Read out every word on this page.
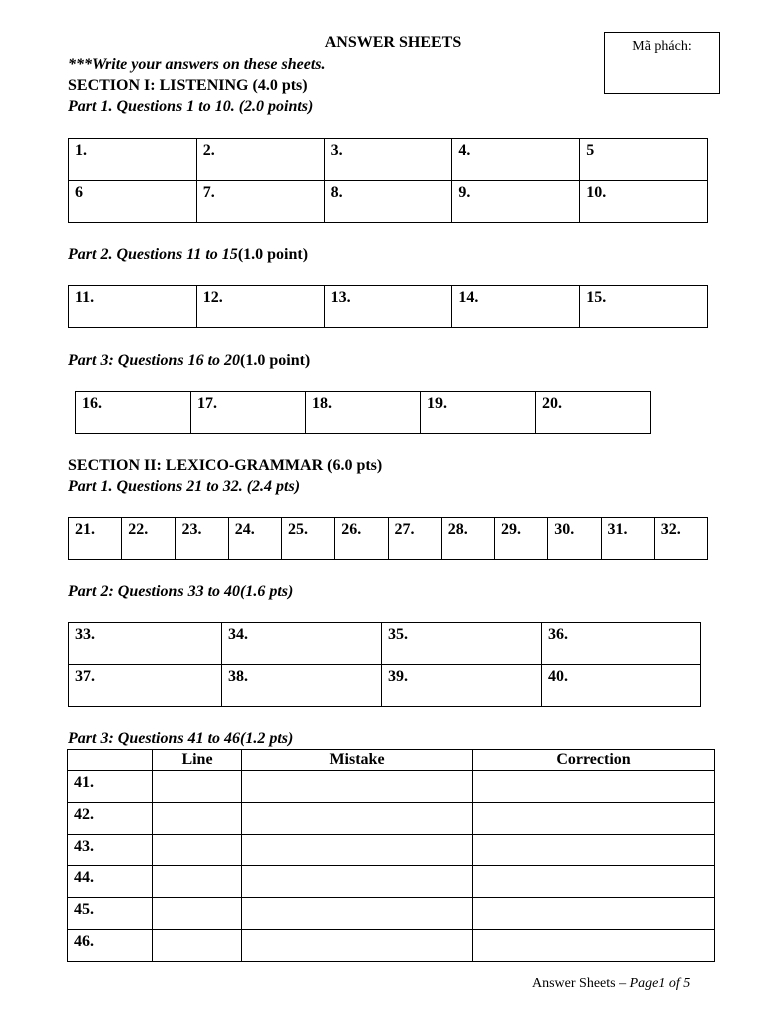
ANSWER SHEETS	Mã phách:
***Write your answers on these sheets.
SECTION I: LISTENING (4.0 pts)
Part 1. Questions 1 to 10. (2.0 points)
1.	2.	3.	4.	5
6	7.	8.	9.	10.
Part 2. Questions 11 to 15(1.0 point)
11.	12.	13.	14.	15.
Part 3: Questions 16 to 20(1.0 point)
16.	17.	18.	19.	20.
SECTION II: LEXICO-GRAMMAR (6.0 pts)
Part 1. Questions 21 to 32. (2.4 pts)
21.	22.	23.	24.	25.	26.	27.	28.	29.	30.	31.	32.
Part 2: Questions 33 to 40(1.6 pts)
33.	34.	35.	36.
37.	38.	39.	40.
Part 3: Questions 41 to 46(1.2 pts)
	Line	Mistake	Correction
41.			
42.			
43.			
44.			
45.			
46.			
Answer Sheets – Page1 of 5
